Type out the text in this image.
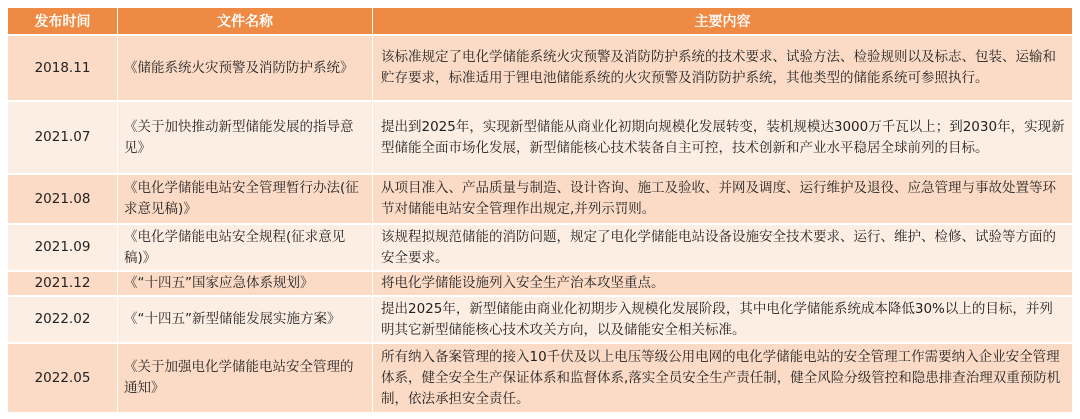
发布时间	文件名称	主要内容
2018.11	《储能系统火灾预警及消防防护系统》	该标准规定了电化学储能系统火灾预警及消防防护系统的技术要求、试验方法、检验规则以及标志、包装、运输和贮存要求，标准适用于锂电池储能系统的火灾预警及消防防护系统，其他类型的储能系统可参照执行。
2021.07	《关于加快推动新型储能发展的指导意见》	提出到2025年，实现新型储能从商业化初期向规模化发展转变，装机规模达3000万千瓦以上；到2030年，实现新型储能全面市场化发展，新型储能核心技术装备自主可控，技术创新和产业水平稳居全球前列的目标。
2021.08	《电化学储能电站安全管理暂行办法(征求意见稿)》	从项目准入、产品质量与制造、设计咨询、施工及验收、并网及调度、运行维护及退役、应急管理与事故处置等环节对储能电站安全管理作出规定,并列示罚则。
2021.09	《电化学储能电站安全规程(征求意见稿)》	该规程拟规范储能的消防问题，规定了电化学储能电站设备设施安全技术要求、运行、维护、检修、试验等方面的安全要求。
2021.12	《“十四五”国家应急体系规划》	将电化学储能设施列入安全生产治本攻坚重点。
2022.02	《“十四五”新型储能发展实施方案》	提出2025年，新型储能由商业化初期步入规模化发展阶段，其中电化学储能系统成本降低30%以上的目标，并列明其它新型储能核心技术攻关方向，以及储能安全相关标准。
2022.05	《关于加强电化学储能电站安全管理的通知》	所有纳入备案管理的接入10千伏及以上电压等级公用电网的电化学储能电站的安全管理工作需要纳入企业安全管理体系，健全安全生产保证体系和监督体系,落实全员安全生产责任制，健全风险分级管控和隐患排查治理双重预防机制，依法承担安全责任。
